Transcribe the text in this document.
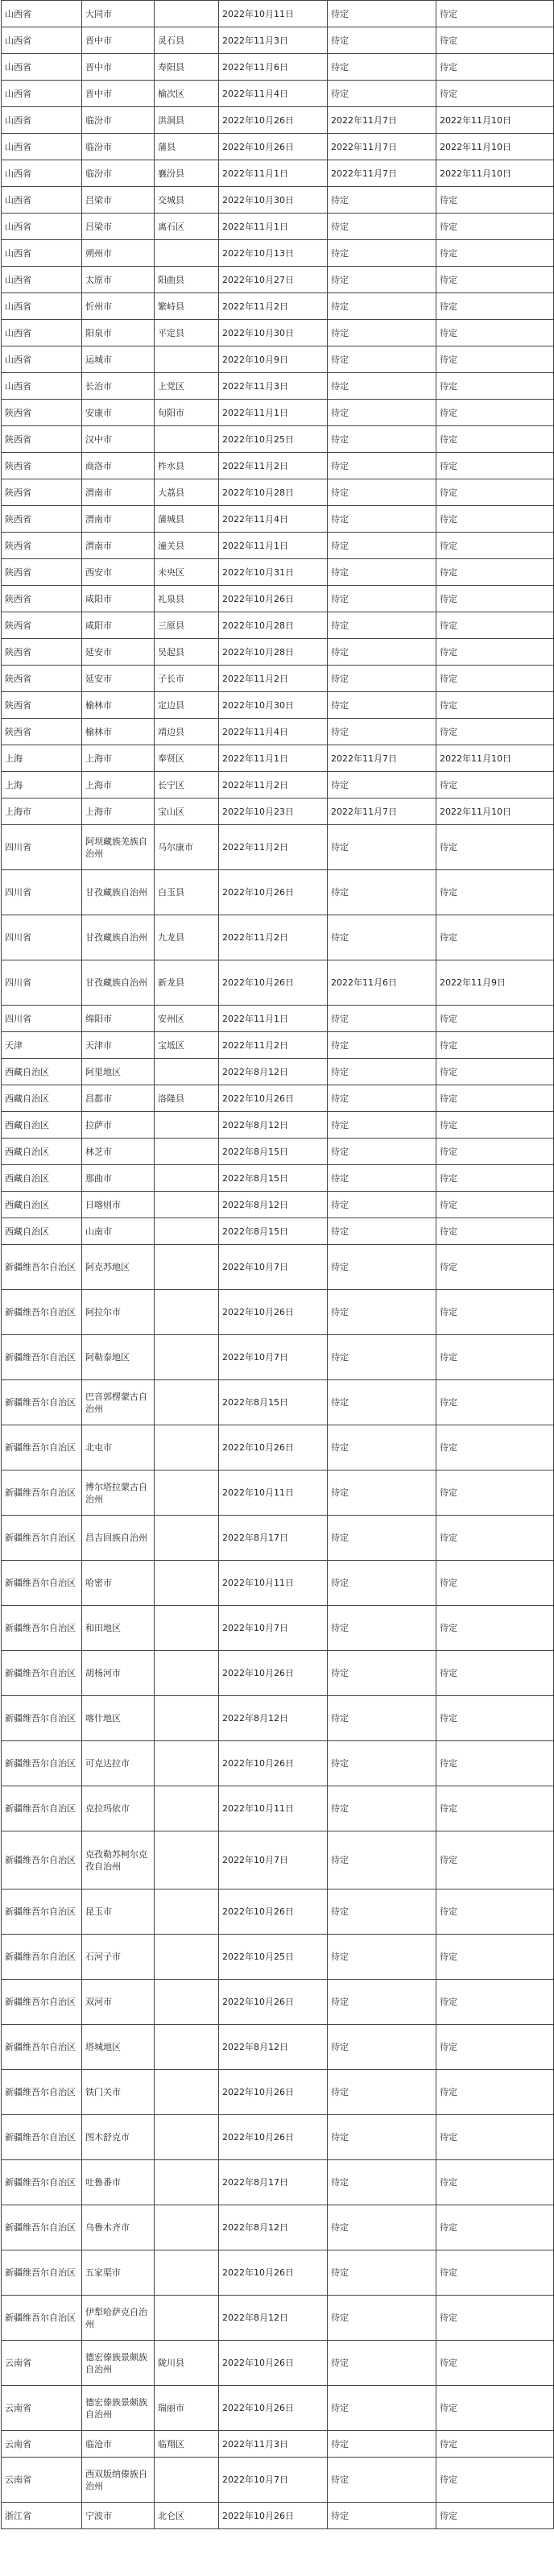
山西省	大同市		2022年10月11日	待定	待定
山西省	晋中市	灵石县	2022年11月3日	待定	待定
山西省	晋中市	寿阳县	2022年11月6日	待定	待定
山西省	晋中市	榆次区	2022年11月4日	待定	待定
山西省	临汾市	洪洞县	2022年10月26日	2022年11月7日	2022年11月10日
山西省	临汾市	蒲县	2022年10月26日	2022年11月7日	2022年11月10日
山西省	临汾市	襄汾县	2022年11月1日	2022年11月7日	2022年11月10日
山西省	吕梁市	交城县	2022年10月30日	待定	待定
山西省	吕梁市	离石区	2022年11月1日	待定	待定
山西省	朔州市		2022年10月13日	待定	待定
山西省	太原市	阳曲县	2022年10月27日	待定	待定
山西省	忻州市	繁峙县	2022年11月2日	待定	待定
山西省	阳泉市	平定县	2022年10月30日	待定	待定
山西省	运城市		2022年10月9日	待定	待定
山西省	长治市	上党区	2022年11月3日	待定	待定
陕西省	安康市	旬阳市	2022年11月1日	待定	待定
陕西省	汉中市		2022年10月25日	待定	待定
陕西省	商洛市	柞水县	2022年11月2日	待定	待定
陕西省	渭南市	大荔县	2022年10月28日	待定	待定
陕西省	渭南市	蒲城县	2022年11月4日	待定	待定
陕西省	渭南市	潼关县	2022年11月1日	待定	待定
陕西省	西安市	未央区	2022年10月31日	待定	待定
陕西省	咸阳市	礼泉县	2022年10月26日	待定	待定
陕西省	咸阳市	三原县	2022年10月28日	待定	待定
陕西省	延安市	吴起县	2022年10月28日	待定	待定
陕西省	延安市	子长市	2022年11月2日	待定	待定
陕西省	榆林市	定边县	2022年10月30日	待定	待定
陕西省	榆林市	靖边县	2022年11月4日	待定	待定
上海	上海市	奉贤区	2022年11月1日	2022年11月7日	2022年11月10日
上海	上海市	长宁区	2022年11月2日	待定	待定
上海市	上海市	宝山区	2022年10月23日	2022年11月7日	2022年11月10日
四川省	阿坝藏族羌族自治州	马尔康市	2022年11月2日	待定	待定
四川省	甘孜藏族自治州	白玉县	2022年10月26日	待定	待定
四川省	甘孜藏族自治州	九龙县	2022年11月2日	待定	待定
四川省	甘孜藏族自治州	新龙县	2022年10月26日	2022年11月6日	2022年11月9日
四川省	绵阳市	安州区	2022年11月1日	待定	待定
天津	天津市	宝坻区	2022年11月2日	待定	待定
西藏自治区	阿里地区		2022年8月12日	待定	待定
西藏自治区	昌都市	洛隆县	2022年10月26日	待定	待定
西藏自治区	拉萨市		2022年8月12日	待定	待定
西藏自治区	林芝市		2022年8月15日	待定	待定
西藏自治区	那曲市		2022年8月15日	待定	待定
西藏自治区	日喀则市		2022年8月12日	待定	待定
西藏自治区	山南市		2022年8月15日	待定	待定
新疆维吾尔自治区	阿克苏地区		2022年10月7日	待定	待定
新疆维吾尔自治区	阿拉尔市		2022年10月26日	待定	待定
新疆维吾尔自治区	阿勒泰地区		2022年10月7日	待定	待定
新疆维吾尔自治区	巴音郭楞蒙古自治州		2022年8月15日	待定	待定
新疆维吾尔自治区	北屯市		2022年10月26日	待定	待定
新疆维吾尔自治区	博尔塔拉蒙古自治州		2022年10月11日	待定	待定
新疆维吾尔自治区	昌吉回族自治州		2022年8月17日	待定	待定
新疆维吾尔自治区	哈密市		2022年10月11日	待定	待定
新疆维吾尔自治区	和田地区		2022年10月7日	待定	待定
新疆维吾尔自治区	胡杨河市		2022年10月26日	待定	待定
新疆维吾尔自治区	喀什地区		2022年8月12日	待定	待定
新疆维吾尔自治区	可克达拉市		2022年10月26日	待定	待定
新疆维吾尔自治区	克拉玛依市		2022年10月11日	待定	待定
新疆维吾尔自治区	克孜勒苏柯尔克孜自治州		2022年10月7日	待定	待定
新疆维吾尔自治区	昆玉市		2022年10月26日	待定	待定
新疆维吾尔自治区	石河子市		2022年10月25日	待定	待定
新疆维吾尔自治区	双河市		2022年10月26日	待定	待定
新疆维吾尔自治区	塔城地区		2022年8月12日	待定	待定
新疆维吾尔自治区	铁门关市		2022年10月26日	待定	待定
新疆维吾尔自治区	图木舒克市		2022年10月26日	待定	待定
新疆维吾尔自治区	吐鲁番市		2022年8月17日	待定	待定
新疆维吾尔自治区	乌鲁木齐市		2022年8月12日	待定	待定
新疆维吾尔自治区	五家渠市		2022年10月26日	待定	待定
新疆维吾尔自治区	伊犁哈萨克自治州		2022年8月12日	待定	待定
云南省	德宏傣族景颇族自治州	陇川县	2022年10月26日	待定	待定
云南省	德宏傣族景颇族自治州	瑞丽市	2022年10月26日	待定	待定
云南省	临沧市	临翔区	2022年11月3日	待定	待定
云南省	西双版纳傣族自治州		2022年10月7日	待定	待定
浙江省	宁波市	北仑区	2022年10月26日	待定	待定
